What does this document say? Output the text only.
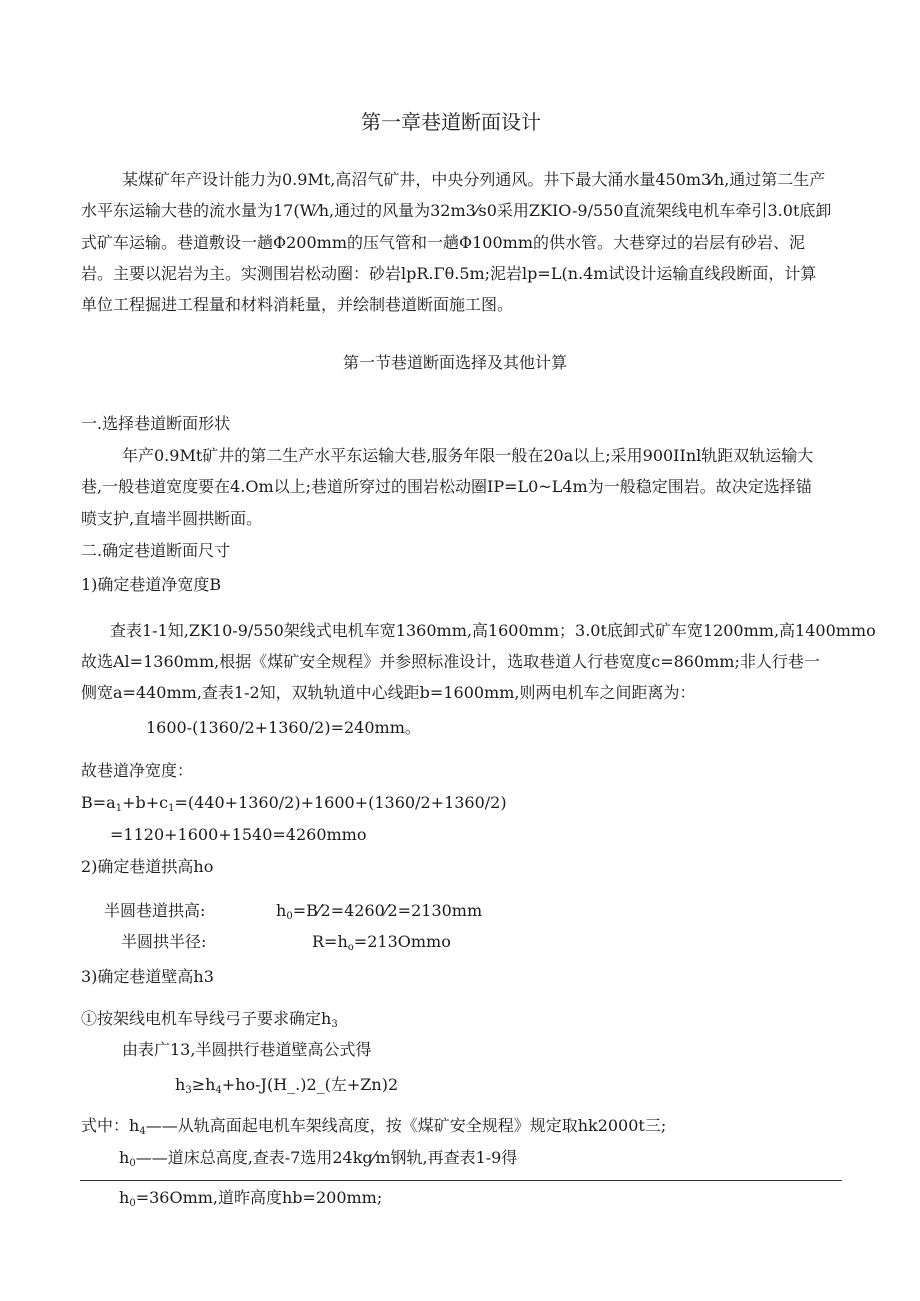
第一章巷道断面设计
某煤矿年产设计能力为0.9Mt,高沼气矿井，中央分列通风。井下最大涌水量450m3⁄h,通过第二生产
水平东运输大巷的流水量为17(W⁄h,通过的风量为32m3⁄s0采用ZKIO-9/550直流架线电机车牵引3.0t底卸
式矿车运输。巷道敷设一趟Φ200mm的压气管和一趟Φ100mm的供水管。大巷穿过的岩层有砂岩、泥
岩。主要以泥岩为主。实测围岩松动圈：砂岩lpR.Γθ.5m;泥岩lp=L(n.4m试设计运输直线段断面，计算
单位工程掘进工程量和材料消耗量，并绘制巷道断面施工图。
第一节巷道断面选择及其他计算
一.选择巷道断面形状
年产0.9Mt矿井的第二生产水平东运输大巷,服务年限一般在20a以上;采用900IInl轨距双轨运输大
巷,一般巷道宽度要在4.Om以上;巷道所穿过的围岩松动圈IP=L0~L4m为一般稳定围岩。故决定选择锚
喷支护,直墙半圆拱断面。
二.确定巷道断面尺寸
1)确定巷道净宽度B
查表1-1知,ZK10-9/550架线式电机车宽1360mm,高1600mm；3.0t底卸式矿车宽1200mm,高1400mmo
故选Al=1360mm,根据《煤矿安全规程》并参照标准设计，选取巷道人行巷宽度c=860mm;非人行巷一
侧宽a=440mm,查表1-2知，双轨轨道中心线距b=1600mm,则两电机车之间距离为：
1600-(1360/2+1360/2)=240mm。
故巷道净宽度：
$B=a_1+b+c_1=(440+1360/2)+1600+(1360/2+1360/2)$
=1120+1600+1540=4260mmo
2)确定巷道拱高ho
半圆巷道拱高:	$h_0=B⁄2=4260⁄2=2130mm$
半圆拱半径:	$R=h_o=213Ommo$
3)确定巷道壁高h3
①按架线电机车导线弓子要求确定$h_3$
由表广13,半圆拱行巷道壁高公式得
$h_3\ge h_4+ho-J(H\_.)2\_$(左+Zn)2
式中：$h_4——$从轨高面起电机车架线高度，按《煤矿安全规程》规定取hk2000t三;
$h_0——$道床总高度,查表-7选用24kg⁄m钢轨,再查表1-9得
$h_0=36Omm$,道昨高度hb=200mm;
